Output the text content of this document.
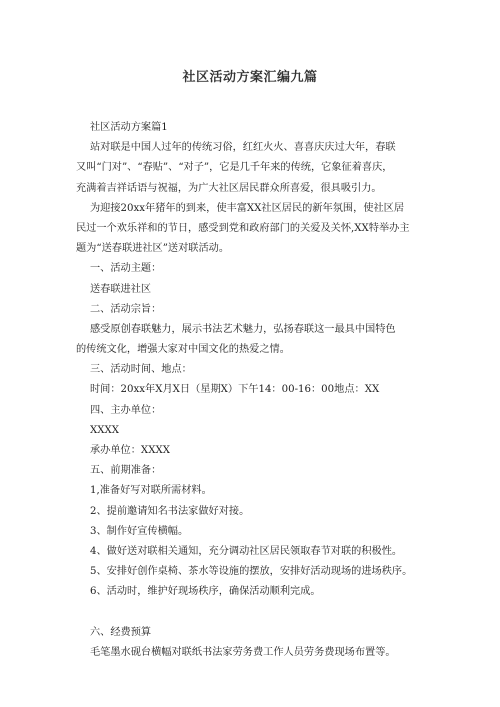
社区活动方案汇编九篇
社区活动方案篇1
站对联是中国人过年的传统习俗，红红火火、喜喜庆庆过大年，春联
又叫“门对”、“春贴”、“对子”，它是几千年来的传统，它象征着喜庆，
充满着吉祥话语与祝福，为广大社区居民群众所喜爱，很具吸引力。
为迎接20xx年猪年的到来，使丰富XX社区居民的新年氛围，使社区居
民过一个欢乐祥和的节日，感受到党和政府部门的关爱及关怀,XX特举办主
题为“送春联进社区”送对联活动。
一、活动主题：
送春联进社区
二、活动宗旨：
感受原创春联魅力，展示书法艺术魅力，弘扬春联这一最具中国特色
的传统文化，增强大家对中国文化的热爱之情。
三、活动时间、地点：
时间：20xx年X月X日（星期X）下午14：00-16：00地点：XX
四、主办单位：
XXXX
承办单位：XXXX
五、前期准备：
1,准备好写对联所需材料。
2、提前邀请知名书法家做好对接。
3、制作好宣传横幅。
4、做好送对联相关通知，充分调动社区居民领取春节对联的积极性。
5、安排好创作桌椅、茶水等设施的摆放，安排好活动现场的进场秩序。
6、活动时，维护好现场秩序，确保活动顺利完成。
六、经费预算
毛笔墨水砚台横幅对联纸书法家劳务费工作人员劳务费现场布置等。
